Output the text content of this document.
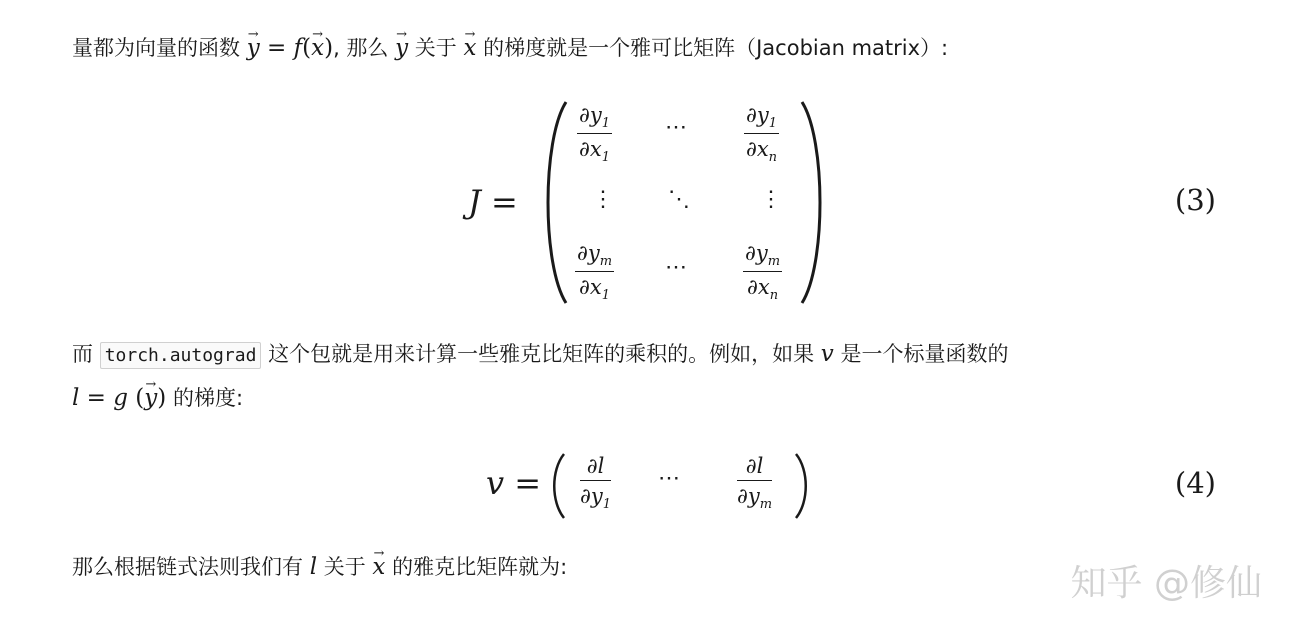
量都为向量的函数 → y = f(→ x), 那么 → y 关于 → x 的梯度就是一个雅可比矩阵（Jacobian matrix）:
J =
$\frac{\partial y_1}{\partial x_1}$ ⋯	$\frac{\partial y_1}{\partial x_n}$
⋮ ⋱	⋮
$\frac{\partial y_m}{\partial x_1}$ ⋯	$\frac{\partial y_m}{\partial x_n}$
(3)
而 torch.autograd 这个包就是用来计算一些雅克比矩阵的乘积的。例如，如果 v 是一个标量函数的
l = g (→ y) 的梯度:
$v = \frac{\partial l}{\partial y_1}$ ⋯	$\frac{\partial l}{\partial y_m}$	(4)
那么根据链式法则我们有 l 关于 → x 的雅克比矩阵就为:	知乎 @修仙
